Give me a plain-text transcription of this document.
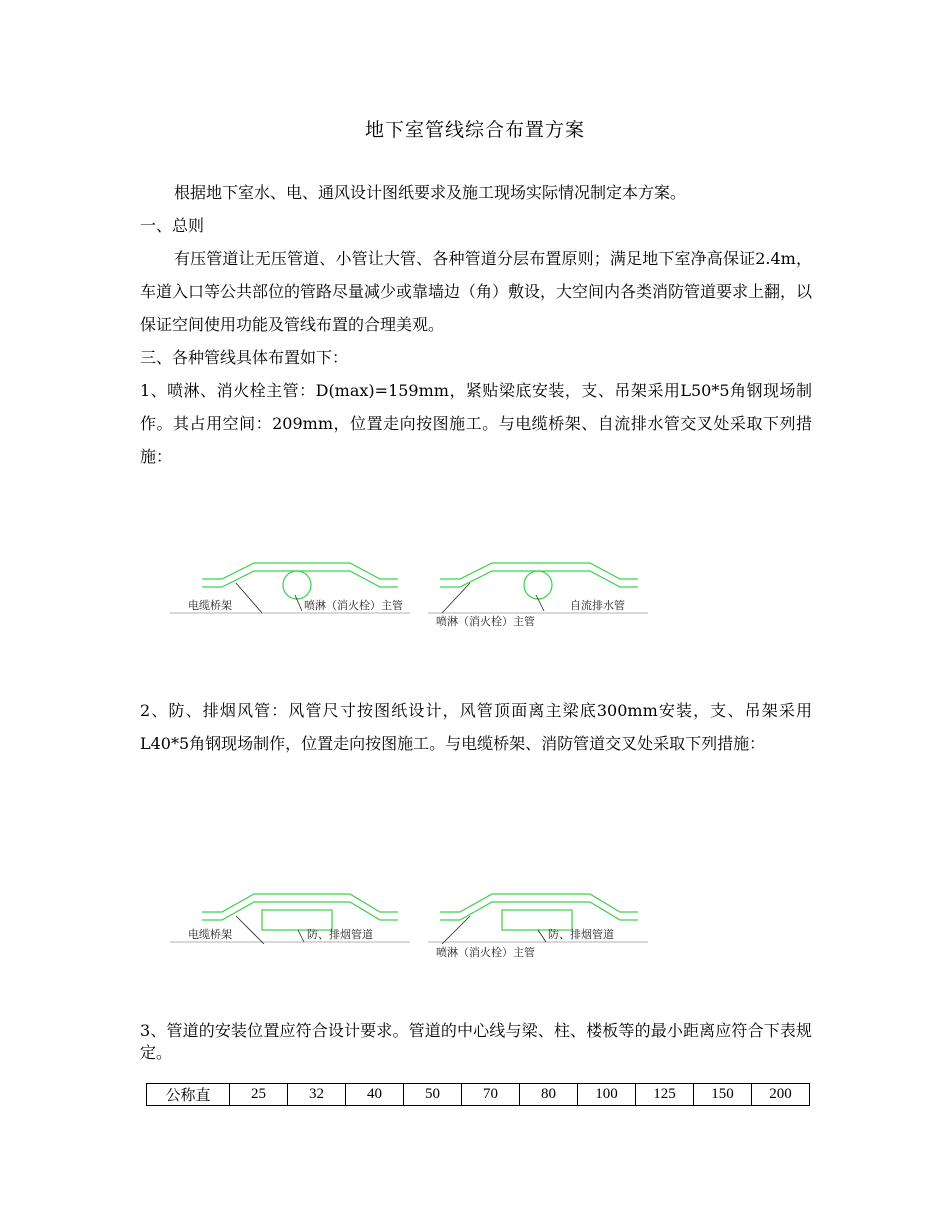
地下室管线综合布置方案

根据地下室水、电、通风设计图纸要求及施工现场实际情况制定本方案。

一、总则

有压管道让无压管道、小管让大管、各种管道分层布置原则；满足地下室净高保证2.4m，车道入口等公共部位的管路尽量减少或靠墙边（角）敷设，大空间内各类消防管道要求上翻，以保证空间使用功能及管线布置的合理美观。

三、各种管线具体布置如下：

1、喷淋、消火栓主管：D(max)=159mm，紧贴梁底安装，支、吊架采用L50*5角钢现场制作。其占用空间：209mm，位置走向按图施工。与电缆桥架、自流排水管交叉处采取下列措施：

电缆桥架	喷淋（消火栓）主管
喷淋（消火栓）主管
自流排水管

2、防、排烟风管：风管尺寸按图纸设计，风管顶面离主梁底300mm安装，支、吊架采用L40*5角钢现场制作，位置走向按图施工。与电缆桥架、消防管道交叉处采取下列措施：

电缆桥架	防、排烟管道
喷淋（消火栓）主管
防、排烟管道

3、管道的安装位置应符合设计要求。管道的中心线与梁、柱、楼板等的最小距离应符合下表规定。

公称直	25	32	40	50	70	80	100	125	150	200
